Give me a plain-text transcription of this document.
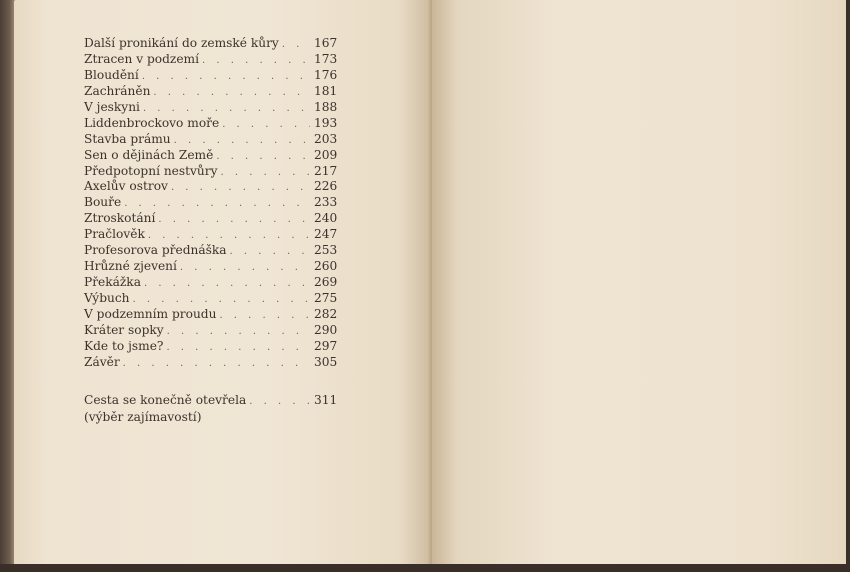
Další pronikání do zemské kůry . . .	167
Ztracen v podzemí . . .	173
Bloudění . . .	176
Zachráněn . . .	181
V jeskyni . . .	188
Liddenbrockovo moře . . .	193
Stavba prámu . . .	203
Sen o dějinách Země . . .	209
Předpotopní nestvůry . . .	217
Axelův ostrov . . .	226
Bouře . . .	233
Ztroskotání . . .	240
Pračlověk . . .	247
Profesorova přednáška . . .	253
Hrůzné zjevení . . .	260
Překážka . . .	269
Výbuch . . .	275
V podzemním proudu . . .	282
Kráter sopky . . .	290
Kde to jsme? . . .	297
Závěr . . .	305
Cesta se konečně otevřela . . .	311
(výběr zajímavostí)
